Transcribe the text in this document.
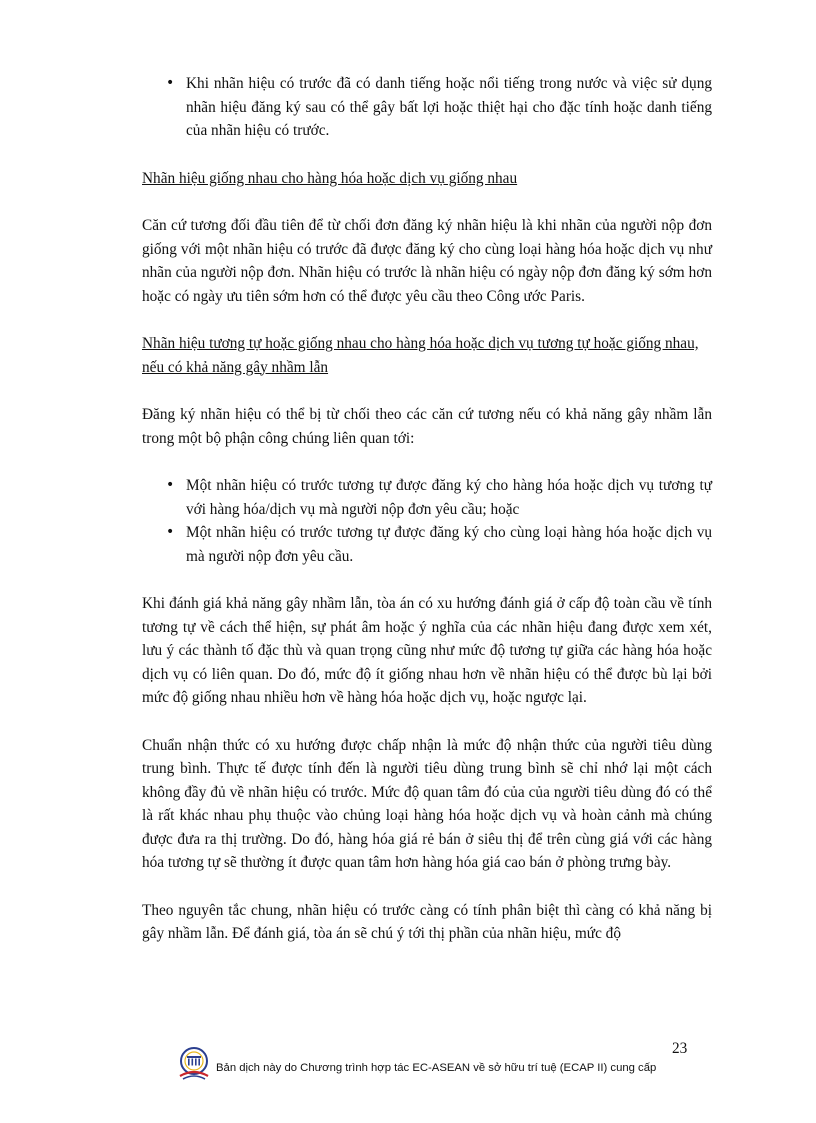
• Khi nhãn hiệu có trước đã có danh tiếng hoặc nổi tiếng trong nước và việc sử dụng nhãn hiệu đăng ký sau có thể gây bất lợi hoặc thiệt hại cho đặc tính hoặc danh tiếng của nhãn hiệu có trước.

Nhãn hiệu giống nhau cho hàng hóa hoặc dịch vụ giống nhau

Căn cứ tương đối đầu tiên để từ chối đơn đăng ký nhãn hiệu là khi nhãn của người nộp đơn giống với một nhãn hiệu có trước đã được đăng ký cho cùng loại hàng hóa hoặc dịch vụ như nhãn của người nộp đơn. Nhãn hiệu có trước là nhãn hiệu có ngày nộp đơn đăng ký sớm hơn hoặc có ngày ưu tiên sớm hơn có thể được yêu cầu theo Công ước Paris.

Nhãn hiệu tương tự hoặc giống nhau cho hàng hóa hoặc dịch vụ tương tự hoặc giống nhau, nếu có khả năng gây nhầm lẫn

Đăng ký nhãn hiệu có thể bị từ chối theo các căn cứ tương nếu có khả năng gây nhầm lẫn trong một bộ phận công chúng liên quan tới:

• Một nhãn hiệu có trước tương tự được đăng ký cho hàng hóa hoặc dịch vụ tương tự với hàng hóa/dịch vụ mà người nộp đơn yêu cầu; hoặc
• Một nhãn hiệu có trước tương tự được đăng ký cho cùng loại hàng hóa hoặc dịch vụ mà người nộp đơn yêu cầu.

Khi đánh giá khả năng gây nhầm lẫn, tòa án có xu hướng đánh giá ở cấp độ toàn cầu về tính tương tự về cách thể hiện, sự phát âm hoặc ý nghĩa của các nhãn hiệu đang được xem xét, lưu ý các thành tố đặc thù và quan trọng cũng như mức độ tương tự giữa các hàng hóa hoặc dịch vụ có liên quan. Do đó, mức độ ít giống nhau hơn về nhãn hiệu có thể được bù lại bởi mức độ giống nhau nhiều hơn về hàng hóa hoặc dịch vụ, hoặc ngược lại.

Chuẩn nhận thức có xu hướng được chấp nhận là mức độ nhận thức của người tiêu dùng trung bình. Thực tế được tính đến là người tiêu dùng trung bình sẽ chỉ nhớ lại một cách không đầy đủ về nhãn hiệu có trước. Mức độ quan tâm đó của của người tiêu dùng đó có thể là rất khác nhau phụ thuộc vào chủng loại hàng hóa hoặc dịch vụ và hoàn cảnh mà chúng được đưa ra thị trường. Do đó, hàng hóa giá rẻ bán ở siêu thị để trên cùng giá với các hàng hóa tương tự sẽ thường ít được quan tâm hơn hàng hóa giá cao bán ở phòng trưng bày.

Theo nguyên tắc chung, nhãn hiệu có trước càng có tính phân biệt thì càng có khả năng bị gây nhầm lẫn. Để đánh giá, tòa án sẽ chú ý tới thị phần của nhãn hiệu, mức độ

23
Bản dịch này do Chương trình hợp tác EC-ASEAN về sở hữu trí tuệ (ECAP II) cung cấp
